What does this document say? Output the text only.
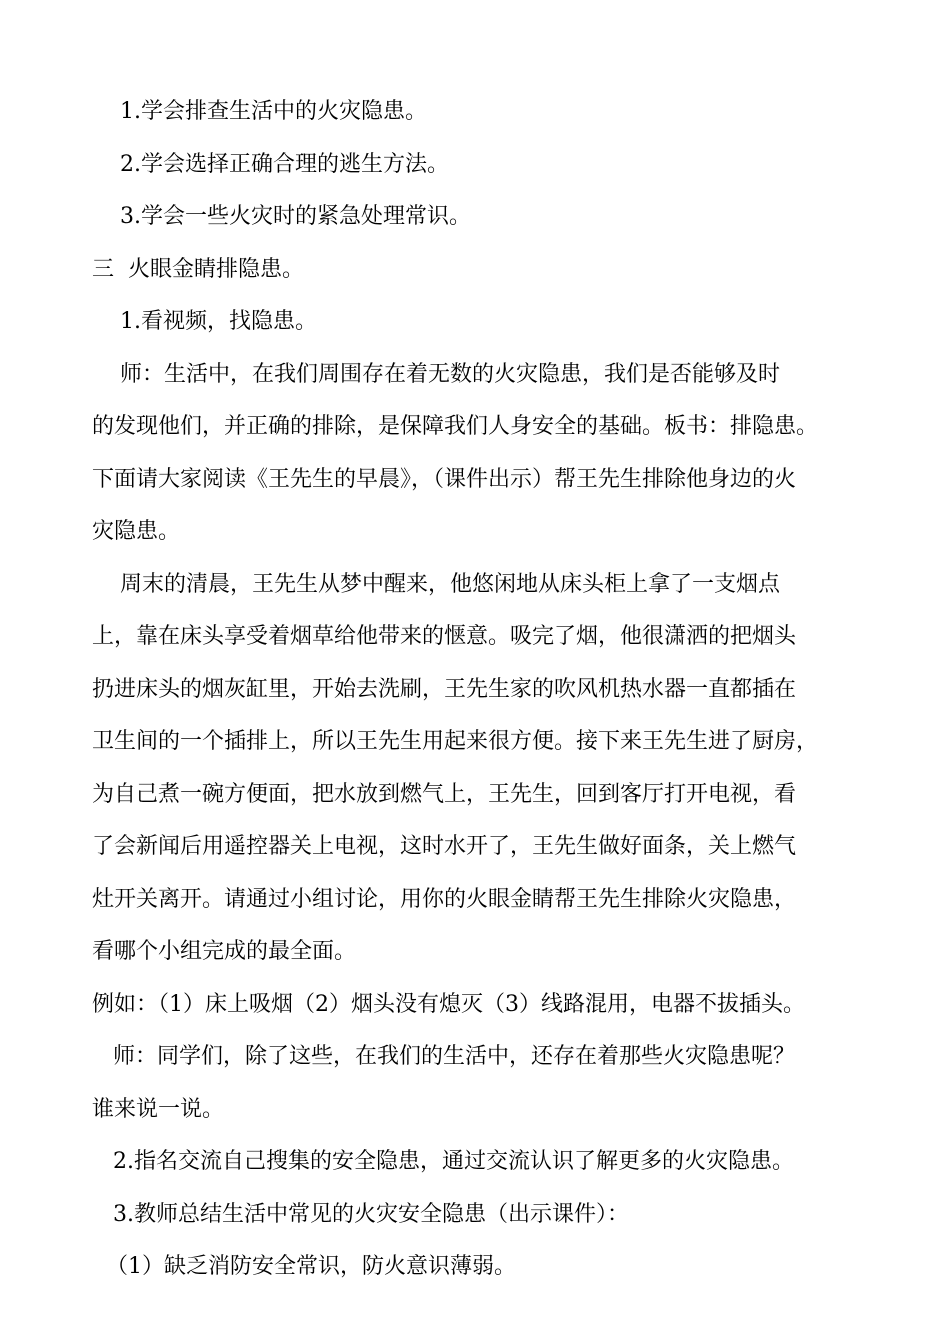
1.学会排查生活中的火灾隐患。
2.学会选择正确合理的逃生方法。
3.学会一些火灾时的紧急处理常识。
三  火眼金睛排隐患。
1.看视频，找隐患。
师：生活中，在我们周围存在着无数的火灾隐患，我们是否能够及时
的发现他们，并正确的排除，是保障我们人身安全的基础。板书：排隐患。
下面请大家阅读《王先生的早晨》，（课件出示）帮王先生排除他身边的火
灾隐患。
周末的清晨，王先生从梦中醒来，他悠闲地从床头柜上拿了一支烟点
上，靠在床头享受着烟草给他带来的惬意。吸完了烟，他很潇洒的把烟头
扔进床头的烟灰缸里，开始去洗刷，王先生家的吹风机热水器一直都插在
卫生间的一个插排上，所以王先生用起来很方便。接下来王先生进了厨房，
为自己煮一碗方便面，把水放到燃气上，王先生，回到客厅打开电视，看
了会新闻后用遥控器关上电视，这时水开了，王先生做好面条，关上燃气
灶开关离开。请通过小组讨论，用你的火眼金睛帮王先生排除火灾隐患，
看哪个小组完成的最全面。
例如：（1）床上吸烟（2）烟头没有熄灭（3）线路混用，电器不拔插头。
师：同学们，除了这些，在我们的生活中，还存在着那些火灾隐患呢？
谁来说一说。
2.指名交流自己搜集的安全隐患，通过交流认识了解更多的火灾隐患。
3.教师总结生活中常见的火灾安全隐患（出示课件）：
（1）缺乏消防安全常识，防火意识薄弱。
